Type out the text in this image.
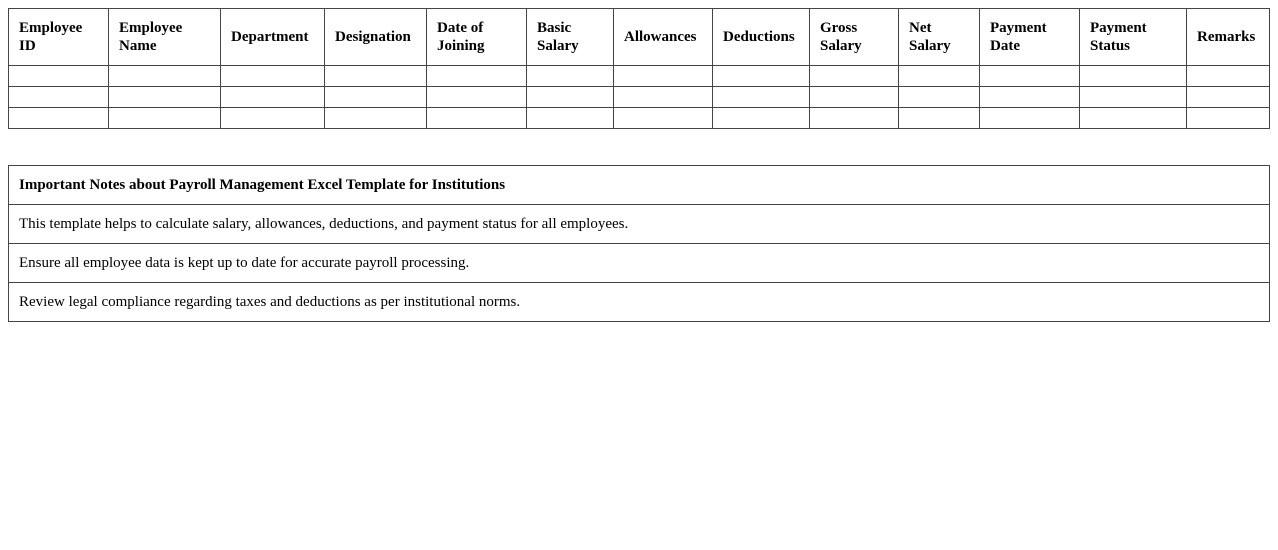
Employee ID	Employee Name	Department	Designation	Date of Joining	Basic Salary	Allowances	Deductions	Gross Salary	Net Salary	Payment Date	Payment Status	Remarks

Important Notes about Payroll Management Excel Template for Institutions
This template helps to calculate salary, allowances, deductions, and payment status for all employees.
Ensure all employee data is kept up to date for accurate payroll processing.
Review legal compliance regarding taxes and deductions as per institutional norms.
